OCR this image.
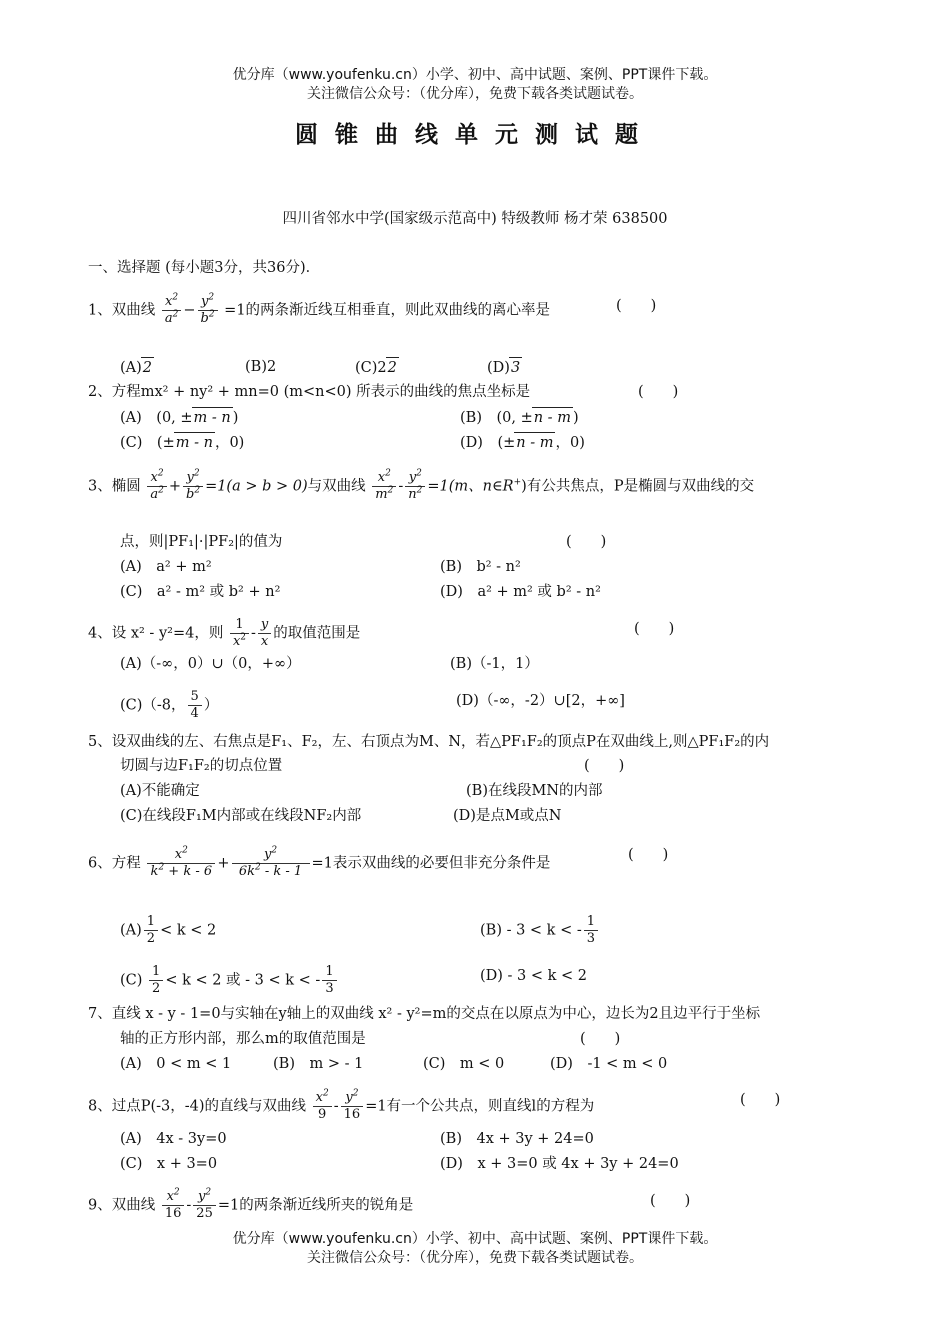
优分库（www.youfenku.cn）小学、初中、高中试题、案例、PPT课件下载。
关注微信公众号：（优分库），免费下载各类试题试卷。
圆锥曲线单元测试题
四川省邻水中学(国家级示范高中) 特级教师 杨才荣 638500
一、选择题 (每小题3分，共36分)．
1、双曲线 $\frac{x^2}{a^2} - \frac{y^2}{b^2} =1$的两条渐近线互相垂直，则此双曲线的离心率是	(　　)
(A)2	(B)2	(C)22	(D)3
2、方程mx² + ny² + mn=0 (m<n<0) 所表示的曲线的焦点坐标是	(　　)
(A)　(0, ±m - n )	(B)　(0, ±n - m )
(C)　(±m - n ，0)	(D)　(±n - m ，0)
3、椭圆 $\frac{x^2}{a^2} + \frac{y^2}{b^2} =1(a > b > 0)$与双曲线 $\frac{x^2}{m^2} - \frac{y^2}{n^2} =1(m$、n∈R+)有公共焦点，P是椭圆与双曲线的交
点，则|PF₁|·|PF₂|的值为	(　　)
(A)　a² + m²	(B)　b² - n²
(C)　a² - m² 或 b² + n²	(D)　a² + m² 或 b² - n²
4、设 x² - y²=4，则 $\frac{1}{x^2} - \frac{y}{x}$ 的取值范围是	(　　)
(A)（-∞，0）∪（0，+∞）	(B)（-1，1）
(C)（-8， $\frac{5}{4}$ ）	(D)（-∞，-2）∪[2，+∞]
5、设双曲线的左、右焦点是F₁、F₂，左、右顶点为M、N，若△PF₁F₂的顶点P在双曲线上,则△PF₁F₂的内
切圆与边F₁F₂的切点位置	(　　)
(A)不能确定	(B)在线段MN的内部
(C)在线段F₁M内部或在线段NF₂内部	(D)是点M或点N
6、方程 $\frac{x^2}{k^2 + k - 6} + \frac{y^2}{6k^2 - k - 1} =1$表示双曲线的必要但非充分条件是
(　　)
$(A) \frac{1}{2} < k < 2$	(B) - 3 < k < - $\frac{1}{3}$
$(C) \frac{1}{2} < k < 2$ 或 - 3 < k < - $\frac{1}{3}$	(D) - 3 < k < 2
7、直线 x - y - 1=0与实轴在y轴上的双曲线 x² - y²=m的交点在以原点为中心，边长为2且边平行于坐标
轴的正方形内部，那么m的取值范围是	(　　)
(A)　0 < m < 1	(B)　m > - 1	(C)　m < 0	(D)　-1 < m < 0
8、过点P(-3，-4)的直线与双曲线 $\frac{x^2}{9} - \frac{y^2}{16} =1$有一个公共点，则直线l的方程为	(　　)
(A)　4x - 3y=0	(B)　4x + 3y + 24=0
(C)　x + 3=0	(D)　x + 3=0 或 4x + 3y + 24=0
9、双曲线 $\frac{x^2}{16} - \frac{y^2}{25} =1$的两条渐近线所夹的锐角是	(　　)
优分库（www.youfenku.cn）小学、初中、高中试题、案例、PPT课件下载。
关注微信公众号：（优分库），免费下载各类试题试卷。
